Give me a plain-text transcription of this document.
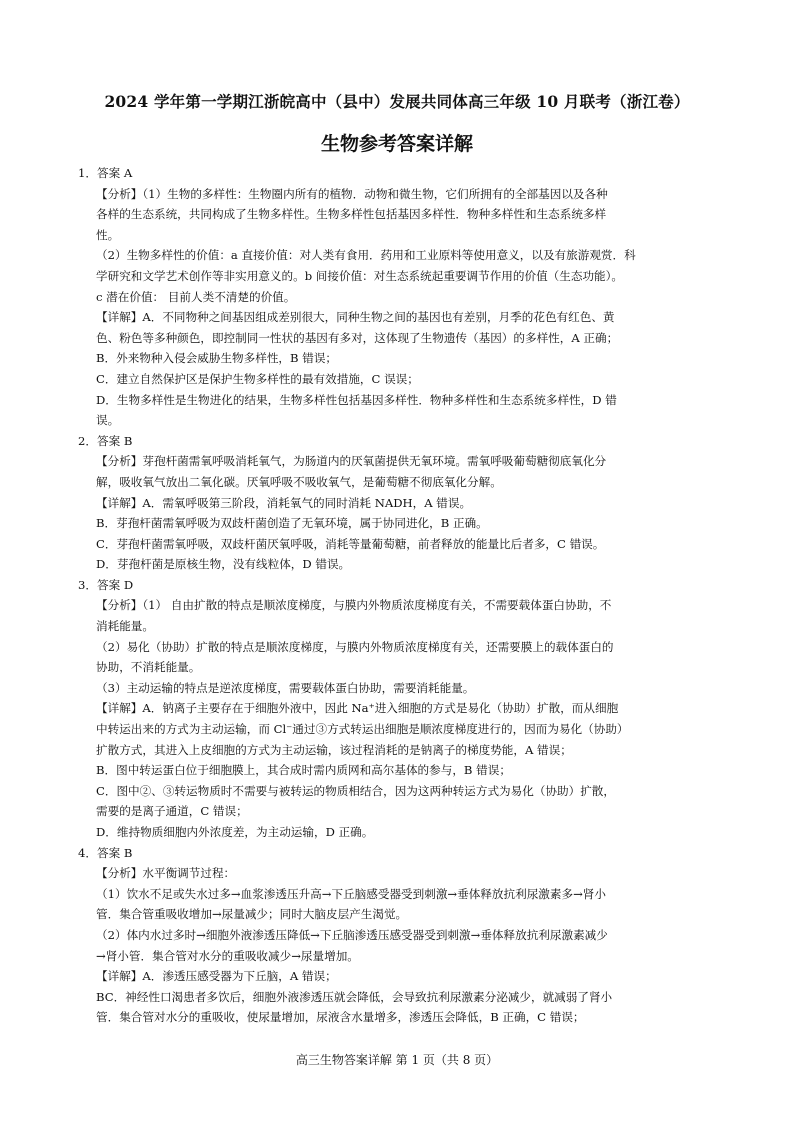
2024 学年第一学期江浙皖高中（县中）发展共同体高三年级 10 月联考（浙江卷）
生物参考答案详解
1．答案 A
【分析】（1）生物的多样性：生物圈内所有的植物．动物和微生物，它们所拥有的全部基因以及各种
各样的生态系统，共同构成了生物多样性。生物多样性包括基因多样性．物种多样性和生态系统多样
性。
（2）生物多样性的价值：a 直接价值：对人类有食用．药用和工业原料等使用意义，以及有旅游观赏．科
学研究和文学艺术创作等非实用意义的。b 间接价值：对生态系统起重要调节作用的价值（生态功能）。
c 潜在价值： 目前人类不清楚的价值。
【详解】A．不同物种之间基因组成差别很大，同种生物之间的基因也有差别，月季的花色有红色、黄
色、粉色等多种颜色，即控制同一性状的基因有多对，这体现了生物遗传（基因）的多样性，A 正确；
B．外来物种入侵会威胁生物多样性，B 错误；
C．建立自然保护区是保护生物多样性的最有效措施，C 误误；
D．生物多样性是生物进化的结果，生物多样性包括基因多样性．物种多样性和生态系统多样性，D 错
误。
2．答案 B
【分析】芽孢杆菌需氧呼吸消耗氧气，为肠道内的厌氧菌提供无氧环境。需氧呼吸葡萄糖彻底氧化分
解，吸收氧气放出二氧化碳。厌氧呼吸不吸收氧气，是葡萄糖不彻底氧化分解。
【详解】A．需氧呼吸第三阶段，消耗氧气的同时消耗 NADH，A 错误。
B．芽孢杆菌需氧呼吸为双歧杆菌创造了无氧环境，属于协同进化，B 正确。
C．芽孢杆菌需氧呼吸，双歧杆菌厌氧呼吸，消耗等量葡萄糖，前者释放的能量比后者多，C 错误。
D．芽孢杆菌是原核生物，没有线粒体，D 错误。
3．答案 D
【分析】（1） 自由扩散的特点是顺浓度梯度，与膜内外物质浓度梯度有关，不需要载体蛋白协助，不
消耗能量。
（2）易化（协助）扩散的特点是顺浓度梯度，与膜内外物质浓度梯度有关，还需要膜上的载体蛋白的
协助，不消耗能量。
（3）主动运输的特点是逆浓度梯度，需要载体蛋白协助，需要消耗能量。
【详解】A．钠离子主要存在于细胞外液中，因此 Na⁺进入细胞的方式是易化（协助）扩散，而从细胞
中转运出来的方式为主动运输，而 Cl⁻通过③方式转运出细胞是顺浓度梯度进行的，因而为易化（协助）
扩散方式，其进入上皮细胞的方式为主动运输，该过程消耗的是钠离子的梯度势能，A 错误；
B．图中转运蛋白位于细胞膜上，其合成时需内质网和高尔基体的参与，B 错误；
C．图中②、③转运物质时不需要与被转运的物质相结合，因为这两种转运方式为易化（协助）扩散，
需要的是离子通道，C 错误；
D．维持物质细胞内外浓度差，为主动运输，D 正确。
4．答案 B
【分析】水平衡调节过程：
（1）饮水不足或失水过多→血浆渗透压升高→下丘脑感受器受到刺激→垂体释放抗利尿激素多→肾小
管．集合管重吸收增加→尿量减少；同时大脑皮层产生渴觉。
（2）体内水过多时→细胞外液渗透压降低→下丘脑渗透压感受器受到刺激→垂体释放抗利尿激素减少
→肾小管．集合管对水分的重吸收减少→尿量增加。
【详解】A．渗透压感受器为下丘脑，A 错误；
BC．神经性口渴患者多饮后，细胞外液渗透压就会降低，会导致抗利尿激素分泌减少，就减弱了肾小
管．集合管对水分的重吸收，使尿量增加，尿液含水量增多，渗透压会降低，B 正确，C 错误；
高三生物答案详解 第 1 页（共 8 页）
